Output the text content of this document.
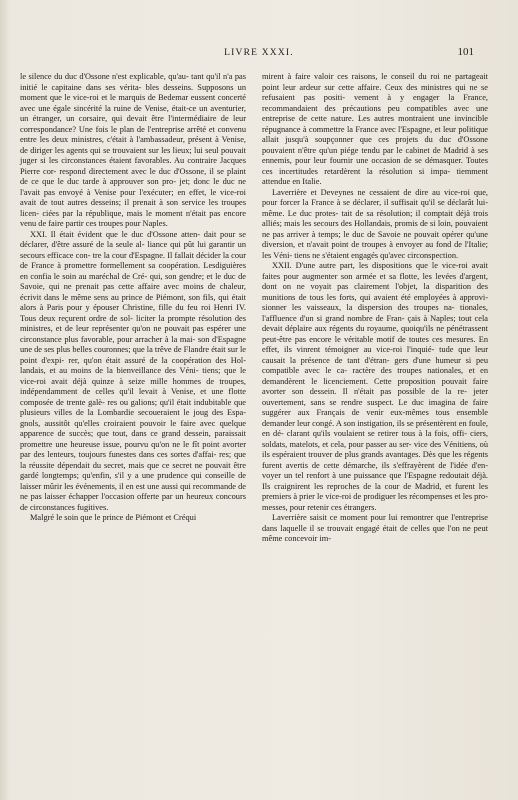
LIVRE XXXI.	101

le silence du duc d'Ossone n'est explicable, qu'au- tant qu'il n'a pas initié le capitaine dans ses vérita- bles desseins. Supposons un moment que le vice-roi et le marquis de Bedemar eussent concerté avec une égale sincérité la ruine de Venise, était-ce un aventurier, un étranger, un corsaire, qui devait être l'intermédiaire de leur correspondance? Une fois le plan de l'entreprise arrêté et convenu entre les deux ministres, c'était à l'ambassadeur, présent à Venise, de diriger les agents qui se trouvaient sur les lieux; lui seul pouvait juger si les circonstances étaient favorables. Au contraire Jacques Pierre cor- respond directement avec le duc d'Ossone, il se plaint de ce que le duc tarde à approuver son pro- jet; donc le duc ne l'avait pas envoyé à Venise pour l'exécuter; en effet, le vice-roi avait de tout autres desseins; il prenait à son service les troupes licen- ciées par la république, mais le moment n'était pas encore venu de faire partir ces troupes pour Naples.

XXI. Il était évident que le duc d'Ossone atten- dait pour se déclarer, d'être assuré de la seule al- liance qui pût lui garantir un secours efficace con- tre la cour d'Espagne. Il fallait décider la cour de France à promettre formellement sa coopération. Lesdiguières en confia le soin au maréchal de Cré- qui, son gendre; et le duc de Savoie, qui ne prenait pas cette affaire avec moins de chaleur, écrivit dans le même sens au prince de Piémont, son fils, qui était alors à Paris pour y épouser Christine, fille du feu roi Henri IV. Tous deux reçurent ordre de sol- liciter la prompte résolution des ministres, et de leur représenter qu'on ne pouvait pas espérer une circonstance plus favorable, pour arracher à la mai- son d'Espagne une de ses plus belles couronnes; que la trêve de Flandre était sur le point d'expi- rer, qu'on était assuré de la coopération des Hol- landais, et au moins de la bienveillance des Véni- tiens; que le vice-roi avait déjà quinze à seize mille hommes de troupes, indépendamment de celles qu'il levait à Venise, et une flotte composée de trente galè- res ou galions; qu'il était indubitable que plusieurs villes de la Lombardie secoueraient le joug des Espa- gnols, aussitôt qu'elles croiraient pouvoir le faire avec quelque apparence de succès; que tout, dans ce grand dessein, paraissait promettre une heureuse issue, pourvu qu'on ne le fît point avorter par des lenteurs, toujours funestes dans ces sortes d'affai- res; que la réussite dépendait du secret, mais que ce secret ne pouvait être gardé longtemps; qu'enfin, s'il y a une prudence qui conseille de laisser mûrir les événements, il en est une aussi qui recommande de ne pas laisser échapper l'occasion offerte par un heureux concours de circonstances fugitives.

Malgré le soin que le prince de Piémont et Créqui

mirent à faire valoir ces raisons, le conseil du roi ne partageait point leur ardeur sur cette affaire. Ceux des ministres qui ne se refusaient pas positi- vement à y engager la France, recommandaient des précautions peu compatibles avec une entreprise de cette nature. Les autres montraient une invincible répugnance à commettre la France avec l'Espagne, et leur politique allait jusqu'à soupçonner que ces projets du duc d'Ossone pouvaient n'être qu'un piége tendu par le cabinet de Madrid à ses ennemis, pour leur fournir une occasion de se démasquer. Toutes ces incertitudes retardèrent la résolution si impa- tiemment attendue en Italie.

Laverrière et Deveynes ne cessaient de dire au vice-roi que, pour forcer la France à se déclarer, il suffisait qu'il se déclarât lui-même. Le duc protes- tait de sa résolution; il comptait déjà trois alliés; mais les secours des Hollandais, promis de si loin, pouvaient ne pas arriver à temps; le duc de Savoie ne pouvait opérer qu'une diversion, et n'avait point de troupes à envoyer au fond de l'Italie; les Véni- tiens ne s'étaient engagés qu'avec circonspection.

XXII. D'une autre part, les dispositions que le vice-roi avait faites pour augmenter son armée et sa flotte, les levées d'argent, dont on ne voyait pas clairement l'objet, la disparition des munitions de tous les forts, qui avaient été employées à approvi- sionner les vaisseaux, la dispersion des troupes na- tionales, l'affluence d'un si grand nombre de Fran- çais à Naples; tout cela devait déplaire aux régents du royaume, quoiqu'ils ne pénétrassent peut-être pas encore le véritable motif de toutes ces mesures. En effet, ils vinrent témoigner au vice-roi l'inquié- tude que leur causait la présence de tant d'étran- gers d'une humeur si peu compatible avec le ca- ractère des troupes nationales, et en demandèrent le licenciement. Cette proposition pouvait faire avorter son dessein. Il n'était pas possible de la re- jeter ouvertement, sans se rendre suspect. Le duc imagina de faire suggérer aux Français de venir eux-mêmes tous ensemble demander leur congé. A son instigation, ils se présentèrent en foule, en dé- clarant qu'ils voulaient se retirer tous à la fois, offi- ciers, soldats, matelots, et cela, pour passer au ser- vice des Vénitiens, où ils espéraient trouver de plus grands avantages. Dès que les régents furent avertis de cette démarche, ils s'effrayèrent de l'idée d'en- voyer un tel renfort à une puissance que l'Espagne redoutait déjà. Ils craignirent les reproches de la cour de Madrid, et furent les premiers à prier le vice-roi de prodiguer les récompenses et les pro- messes, pour retenir ces étrangers.

Laverrière saisit ce moment pour lui remontrer que l'entreprise dans laquelle il se trouvait engagé était de celles que l'on ne peut même concevoir im-
